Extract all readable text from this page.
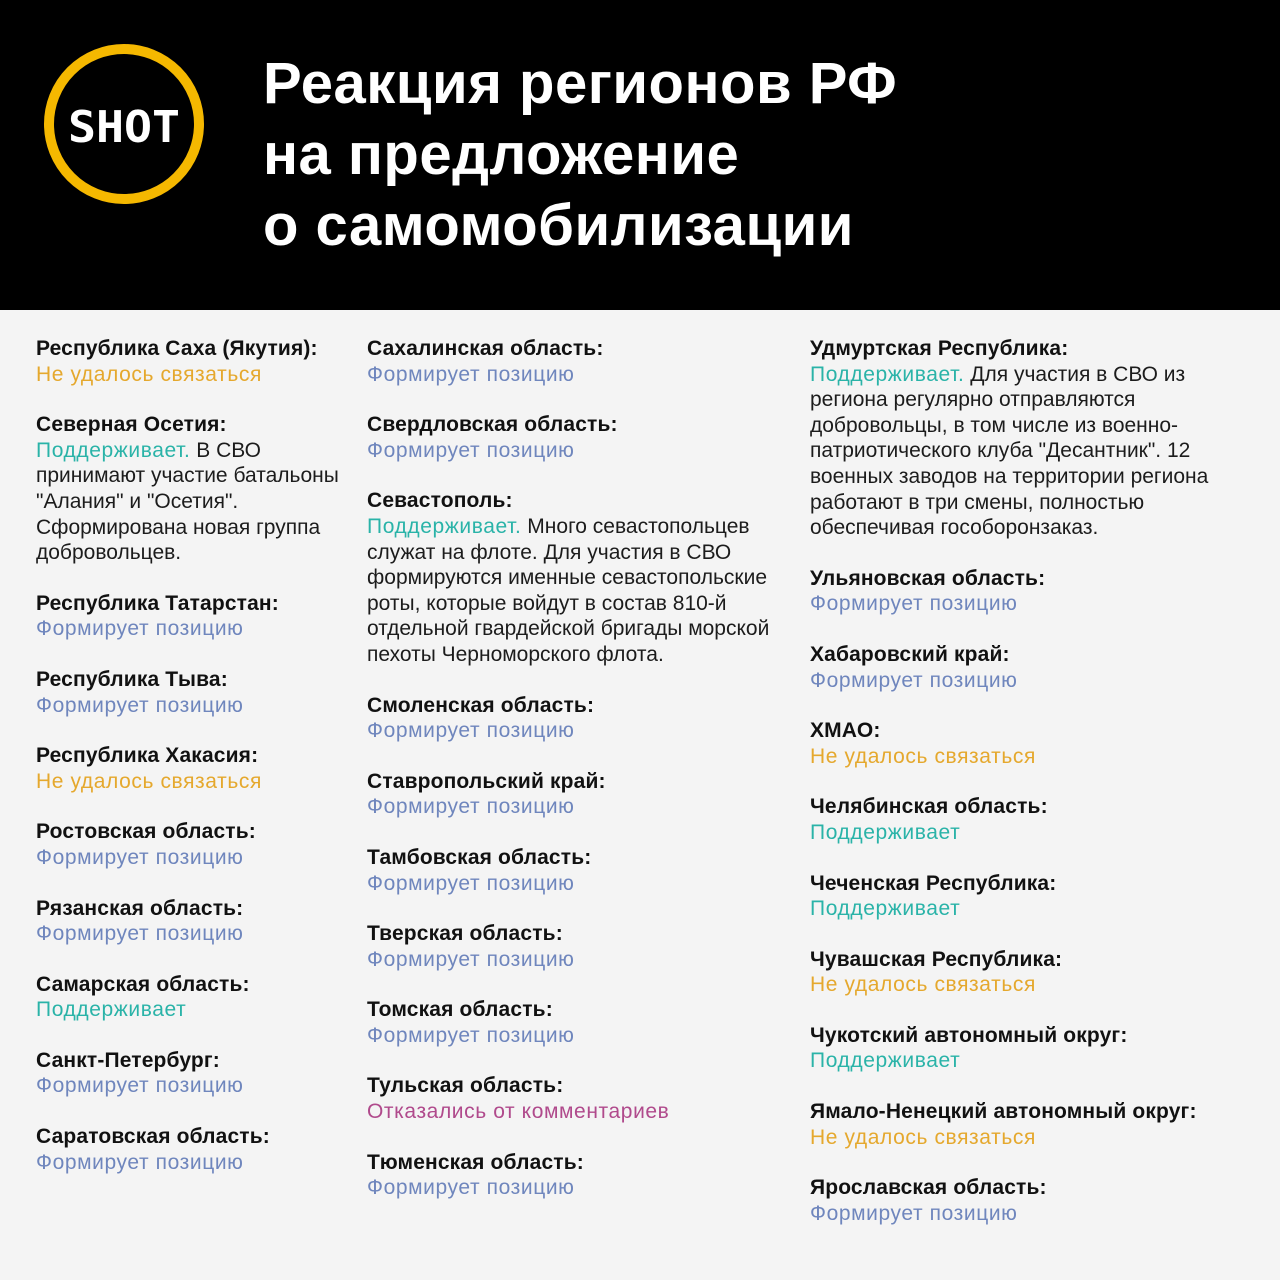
SHOT
Реакция регионов РФ
на предложение
о самомобилизации
Республика Саха (Якутия):
Не удалось связаться
Северная Осетия:
Поддерживает. В СВО принимают участие батальоны "Алания" и "Осетия". Сформирована новая группа добровольцев.
Республика Татарстан:
Формирует позицию
Республика Тыва:
Формирует позицию
Республика Хакасия:
Не удалось связаться
Ростовская область:
Формирует позицию
Рязанская область:
Формирует позицию
Самарская область:
Поддерживает
Санкт-Петербург:
Формирует позицию
Саратовская область:
Формирует позицию
Сахалинская область:
Формирует позицию
Свердловская область:
Формирует позицию
Севастополь:
Поддерживает. Много севастопольцев служат на флоте. Для участия в СВО формируются именные севастопольские роты, которые войдут в состав 810-й отдельной гвардейской бригады морской пехоты Черноморского флота.
Смоленская область:
Формирует позицию
Ставропольский край:
Формирует позицию
Тамбовская область:
Формирует позицию
Тверская область:
Формирует позицию
Томская область:
Формирует позицию
Тульская область:
Отказались от комментариев
Тюменская область:
Формирует позицию
Удмуртская Республика:
Поддерживает. Для участия в СВО из региона регулярно отправляются добровольцы, в том числе из военно-патриотического клуба "Десантник". 12 военных заводов на территории региона работают в три смены, полностью обеспечивая гособоронзаказ.
Ульяновская область:
Формирует позицию
Хабаровский край:
Формирует позицию
ХМАО:
Не удалось связаться
Челябинская область:
Поддерживает
Чеченская Республика:
Поддерживает
Чувашская Республика:
Не удалось связаться
Чукотский автономный округ:
Поддерживает
Ямало-Ненецкий автономный округ:
Не удалось связаться
Ярославская область:
Формирует позицию
